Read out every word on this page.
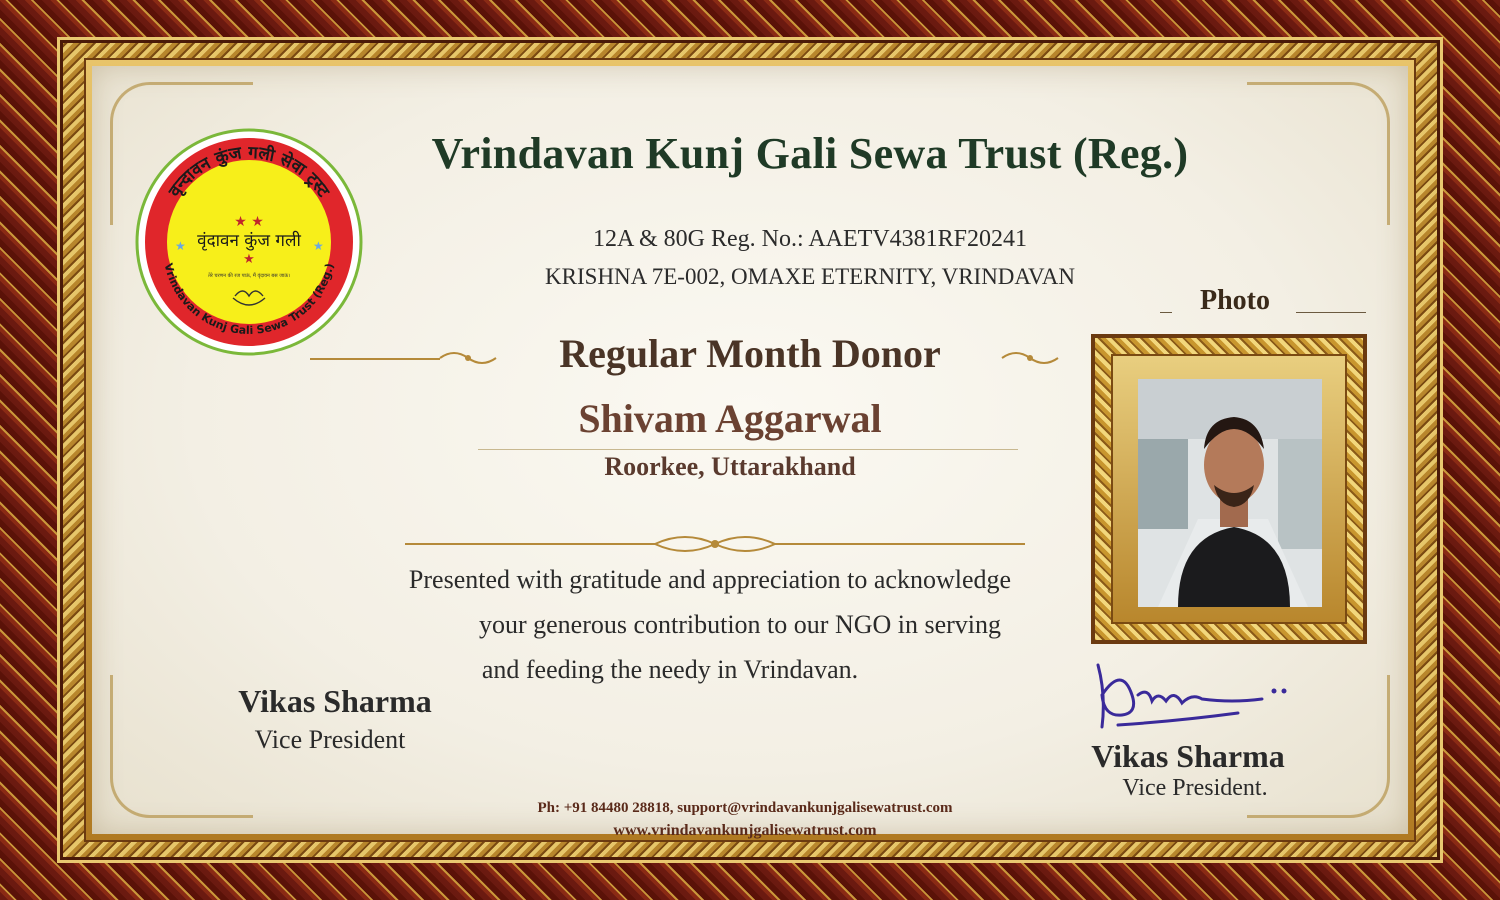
वृन्दावन कुंज गली सेवा ट्रस्ट
Vrindavan Kunj Gali Sewa Trust (Reg.)
★ ★
वृंदावन कुंज गली
★
★	★
तेरे चरणन की रज पाऊं, मैं वृंदावन बस जाऊं।
Vrindavan Kunj Gali Sewa Trust (Reg.)
12A & 80G Reg. No.: AAETV4381RF20241
KRISHNA 7E-002, OMAXE ETERNITY, VRINDAVAN
Photo
Regular Month Donor
Shivam Aggarwal
Roorkee, Uttarakhand
Presented with gratitude and appreciation to acknowledge
your generous contribution to our NGO in serving
and feeding the needy in Vrindavan.
Vikas Sharma
Vice President	Vikas Sharma
Vice President.
Ph: +91 84480 28818, support@vrindavankunjgalisewatrust.com
www.vrindavankunjgalisewatrust.com
